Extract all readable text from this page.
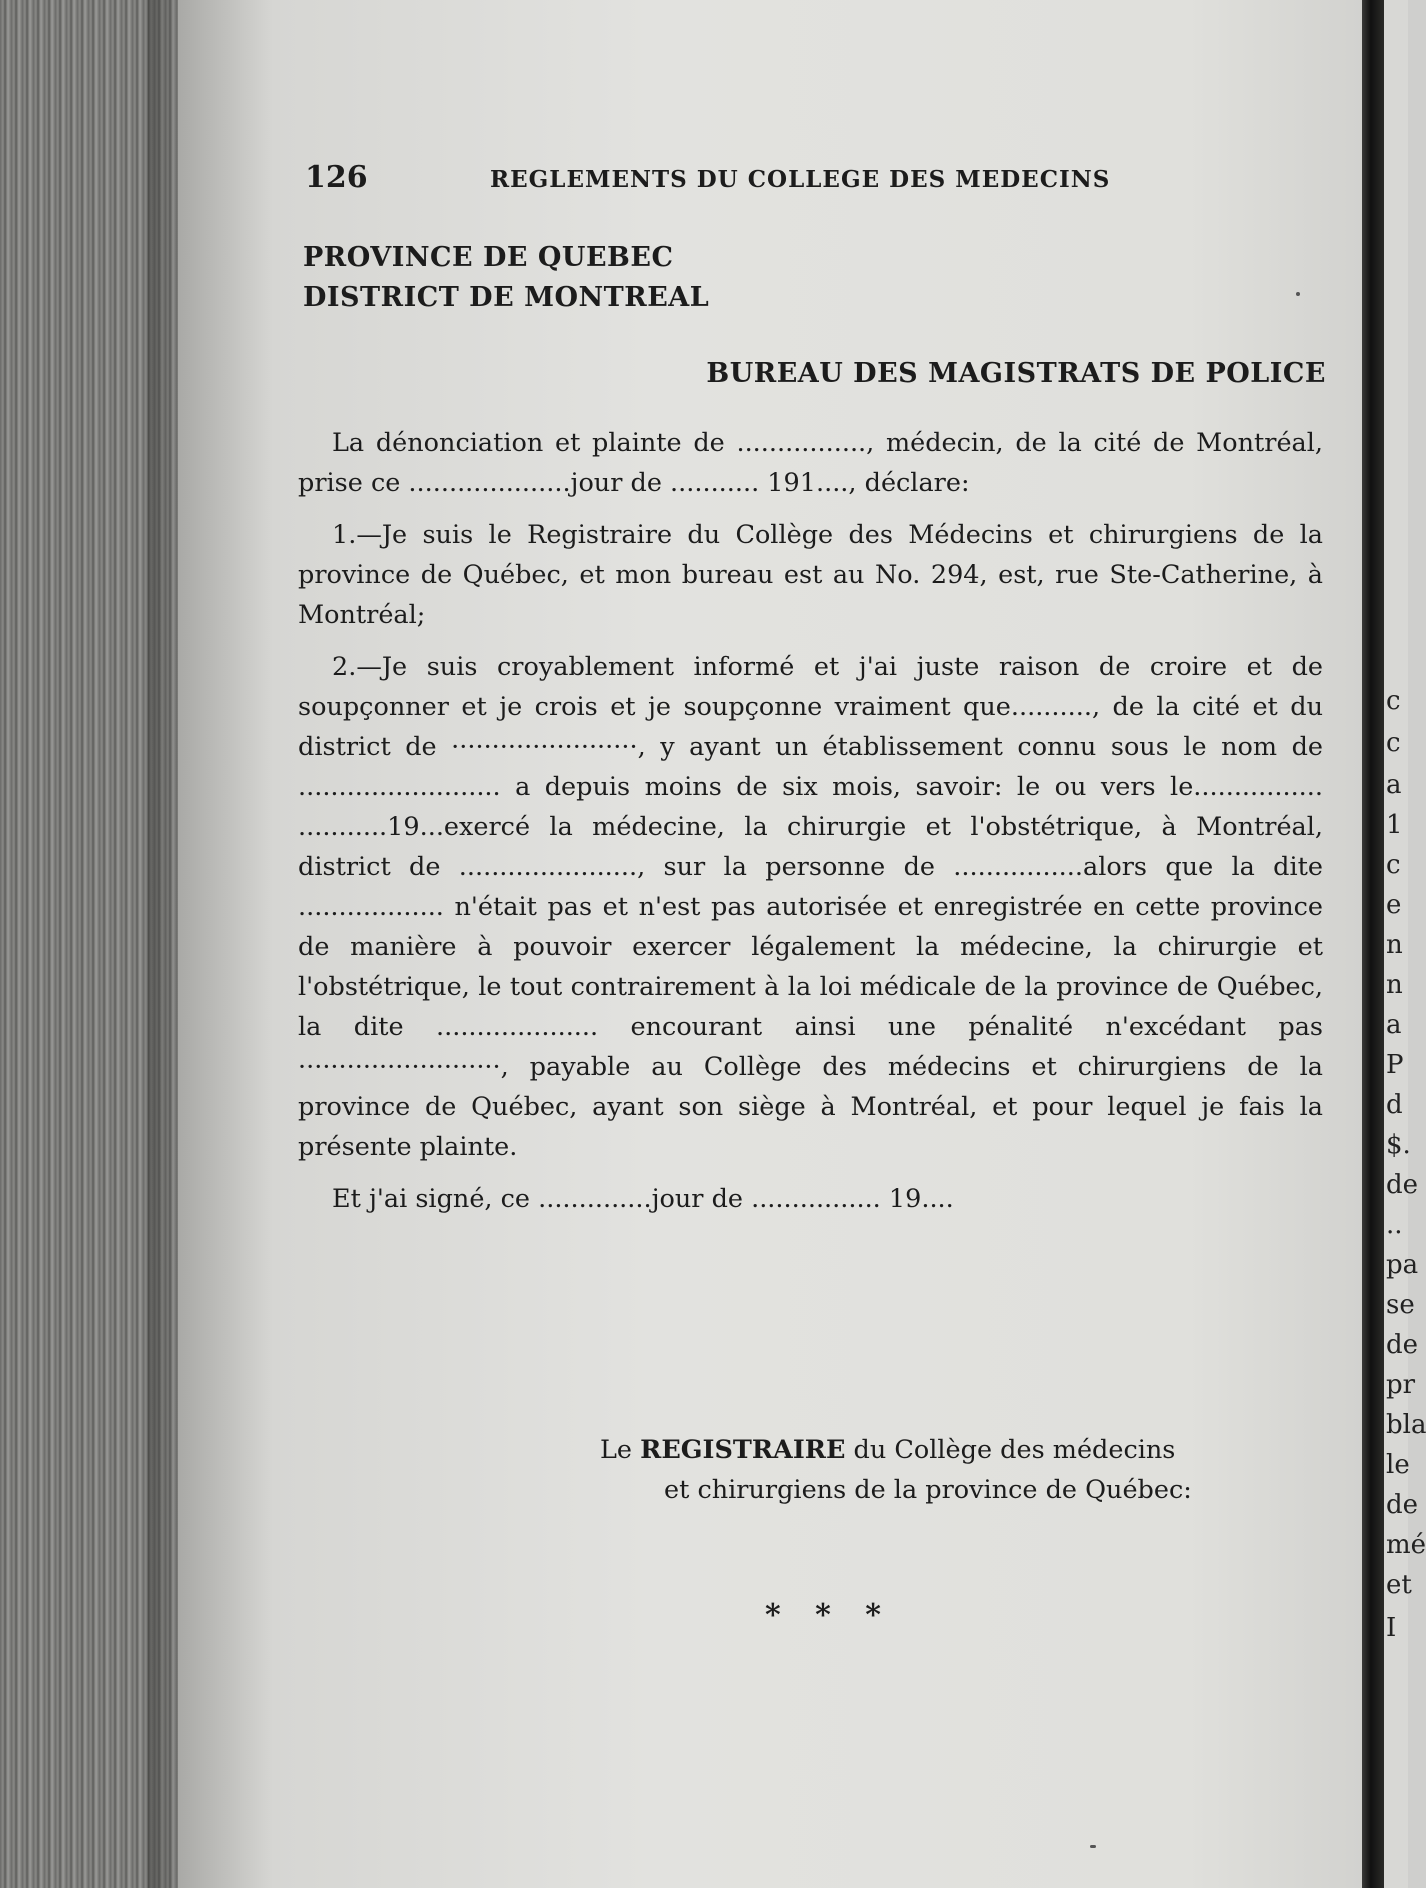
126	REGLEMENTS DU COLLEGE DES MEDECINS
PROVINCE DE QUEBEC
DISTRICT DE MONTREAL
BUREAU DES MAGISTRATS DE POLICE

La dénonciation et plainte de ................, médecin, de la cité de Montréal, prise ce ....................jour de ........... 191...., déclare:

1.—Je suis le Registraire du Collège des Médecins et chirurgiens de la province de Québec, et mon bureau est au No. 294, est, rue Ste-Catherine, à Montréal;

2.—Je suis croyablement informé et j'ai juste raison de croire et de soupçonner et je crois et je soupçonne vraiment que.........., de la cité et du district de ·······················, y ayant un établissement connu sous le nom de ......................... a depuis moins de six mois, savoir: le ou vers le................ ...........19...exercé la médecine, la chirurgie et l'obstétrique, à Montréal, district de ......................, sur la personne de ................alors que la dite .................. n'était pas et n'est pas autorisée et enregistrée en cette province de manière à pouvoir exercer légalement la médecine, la chirurgie et l'obstétrique, le tout contrairement à la loi médicale de la province de Québec, la dite .................... encourant ainsi une pénalité n'excédant pas ·························, payable au Collège des médecins et chirurgiens de la province de Québec, ayant son siège à Montréal, et pour lequel je fais la présente plainte.

Et j'ai signé, ce ..............jour de ................ 19....

Le REGISTRAIRE du Collège des médecins
et chirurgiens de la province de Québec:
* * *
c
c
a
1
c
e
n
n
a
P
d
$.
de
..
pa
se
de
pr
bla
le
de
mé
et
I
